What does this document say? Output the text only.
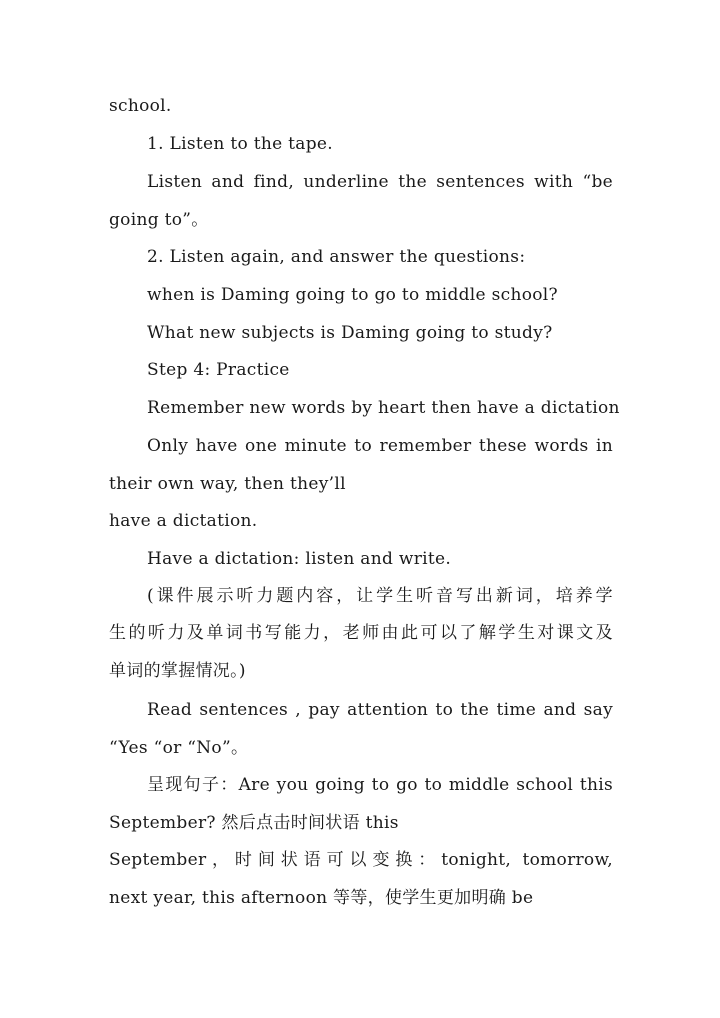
school.
1. Listen to the tape.
Listen and find, underline the sentences with “be
going to”。
2. Listen again, and answer the questions:
when is Daming going to go to middle school?
What new subjects is Daming going to study?
Step 4: Practice
Remember new words by heart then have a dictation
Only have one minute to remember these words in
their own way, then they’ll
have a dictation.
Have a dictation: listen and write.
(课件展示听力题内容，让学生听音写出新词，培养学
生的听力及单词书写能力，老师由此可以了解学生对课文及
单词的掌握情况。)
Read sentences , pay attention to the time and say
“Yes “or “No”。
呈现句子：Are you going to go to middle school this
September? 然后点击时间状语 this
September，时间状语可以变换：tonight, tomorrow,
next year, this afternoon 等等，使学生更加明确 be
